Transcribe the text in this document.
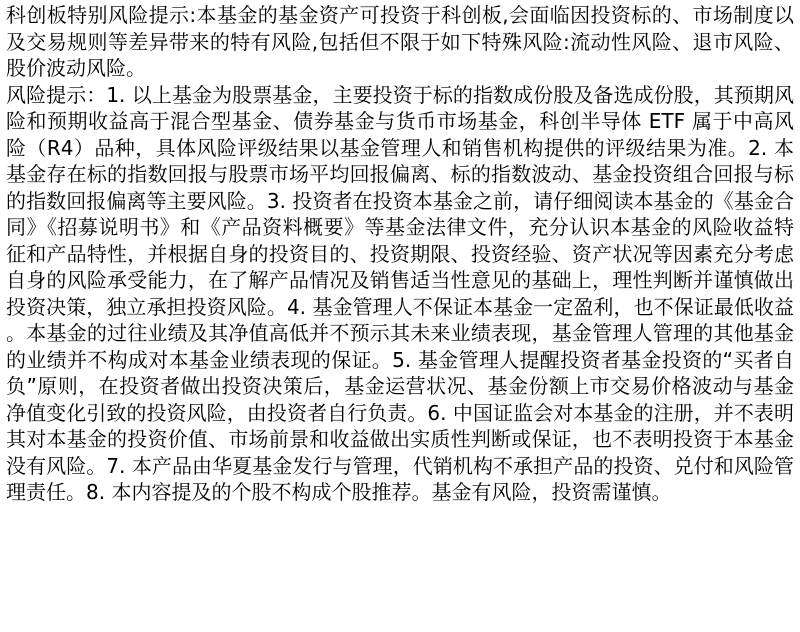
科创板特别风险提示:本基金的基金资产可投资于科创板,会面临因投资标的、市场制度以及交易规则等差异带来的特有风险,包括但不限于如下特殊风险:流动性风险、退市风险、股价波动风险。

风险提示：1. 以上基金为股票基金，主要投资于标的指数成份股及备选成份股，其预期风险和预期收益高于混合型基金、债券基金与货币市场基金，科创半导体 ETF 属于中高风险（R4）品种，具体风险评级结果以基金管理人和销售机构提供的评级结果为准。2. 本基金存在标的指数回报与股票市场平均回报偏离、标的指数波动、基金投资组合回报与标的指数回报偏离等主要风险。3. 投资者在投资本基金之前，请仔细阅读本基金的《基金合同》《招募说明书》和《产品资料概要》等基金法律文件，充分认识本基金的风险收益特征和产品特性，并根据自身的投资目的、投资期限、投资经验、资产状况等因素充分考虑自身的风险承受能力，在了解产品情况及销售适当性意见的基础上，理性判断并谨慎做出投资决策，独立承担投资风险。4. 基金管理人不保证本基金一定盈利，也不保证最低收益。本基金的过往业绩及其净值高低并不预示其未来业绩表现，基金管理人管理的其他基金的业绩并不构成对本基金业绩表现的保证。5. 基金管理人提醒投资者基金投资的“买者自负”原则，在投资者做出投资决策后，基金运营状况、基金份额上市交易价格波动与基金净值变化引致的投资风险，由投资者自行负责。6. 中国证监会对本基金的注册，并不表明其对本基金的投资价值、市场前景和收益做出实质性判断或保证，也不表明投资于本基金没有风险。7. 本产品由华夏基金发行与管理，代销机构不承担产品的投资、兑付和风险管理责任。8. 本内容提及的个股不构成个股推荐。基金有风险，投资需谨慎。
